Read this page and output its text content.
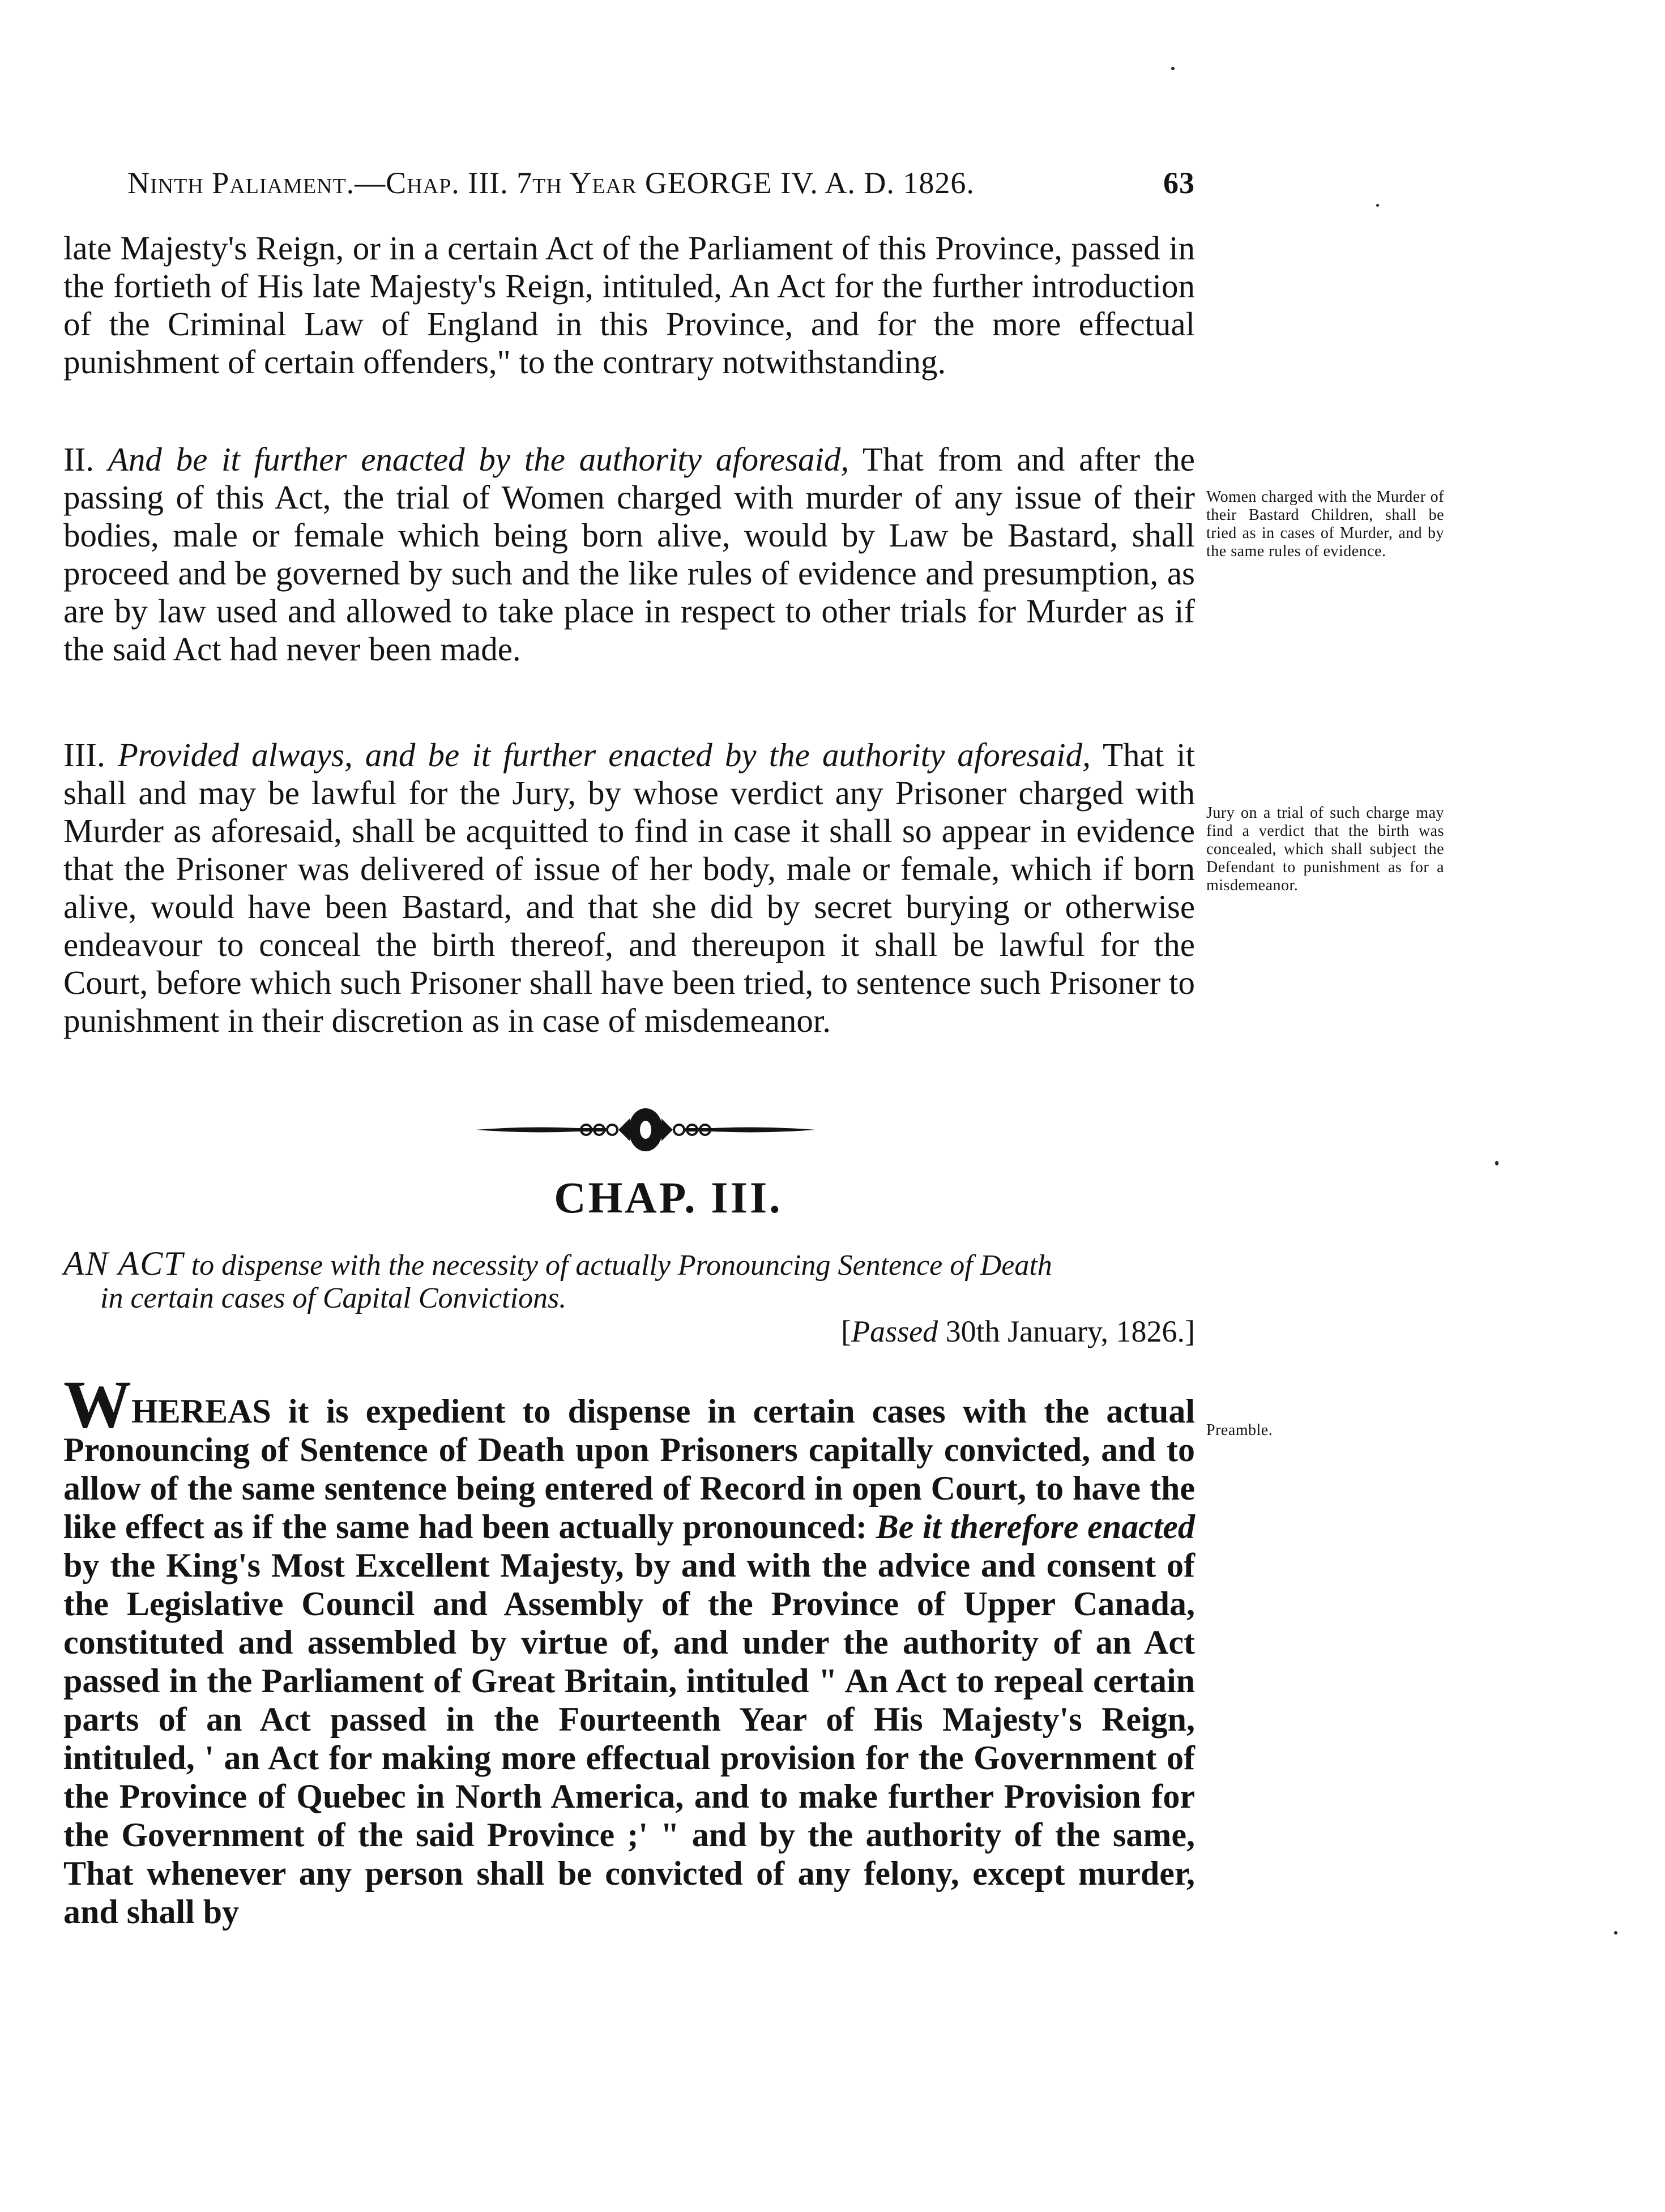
Ninth Paliament.—Chap. III. 7th Year GEORGE IV. A. D. 1826.	63

late Majesty's Reign, or in a certain Act of the Parliament of this Province, passed in the fortieth of His late Majesty's Reign, intituled, An Act for the further introduction of the Criminal Law of England in this Province, and for the more effectual punishment of certain offenders," to the contrary notwithstanding.

II. And be it further enacted by the authority aforesaid, That from and after the passing of this Act, the trial of Women charged with murder of any issue of their bodies, male or female which being born alive, would by Law be Bastard, shall proceed and be governed by such and the like rules of evidence and presumption, as are by law used and allowed to take place in respect to other trials for Murder as if the said Act had never been made.

Women charged with the Murder of their Bastard Children, shall be tried as in cases of Murder, and by the same rules of evidence.

III. Provided always, and be it further enacted by the authority aforesaid, That it shall and may be lawful for the Jury, by whose verdict any Prisoner charged with Murder as aforesaid, shall be acquitted to find in case it shall so appear in evidence that the Prisoner was delivered of issue of her body, male or female, which if born alive, would have been Bastard, and that she did by secret burying or otherwise endeavour to conceal the birth thereof, and thereupon it shall be lawful for the Court, before which such Prisoner shall have been tried, to sentence such Prisoner to punishment in their discretion as in case of misdemeanor.

Jury on a trial of such charge may find a verdict that the birth was concealed, which shall subject the Defendant to punishment as for a misdemeanor.

CHAP. III.

AN ACT to dispense with the necessity of actually Pronouncing Sentence of Death
in certain cases of Capital Convictions.

[Passed 30th January, 1826.]

WHEREAS it is expedient to dispense in certain cases with the actual Pronouncing of Sentence of Death upon Prisoners capitally convicted, and to allow of the same sentence being entered of Record in open Court, to have the like effect as if the same had been actually pronounced: Be it therefore enacted by the King's Most Excellent Majesty, by and with the advice and consent of the Legislative Council and Assembly of the Province of Upper Canada, constituted and assembled by virtue of, and under the authority of an Act passed in the Parliament of Great Britain, intituled " An Act to repeal certain parts of an Act passed in the Fourteenth Year of His Majesty's Reign, intituled, ' an Act for making more effectual provision for the Government of the Province of Quebec in North America, and to make further Provision for the Government of the said Province ;' " and by the authority of the same, That whenever any person shall be convicted of any felony, except murder, and shall by

Preamble.
